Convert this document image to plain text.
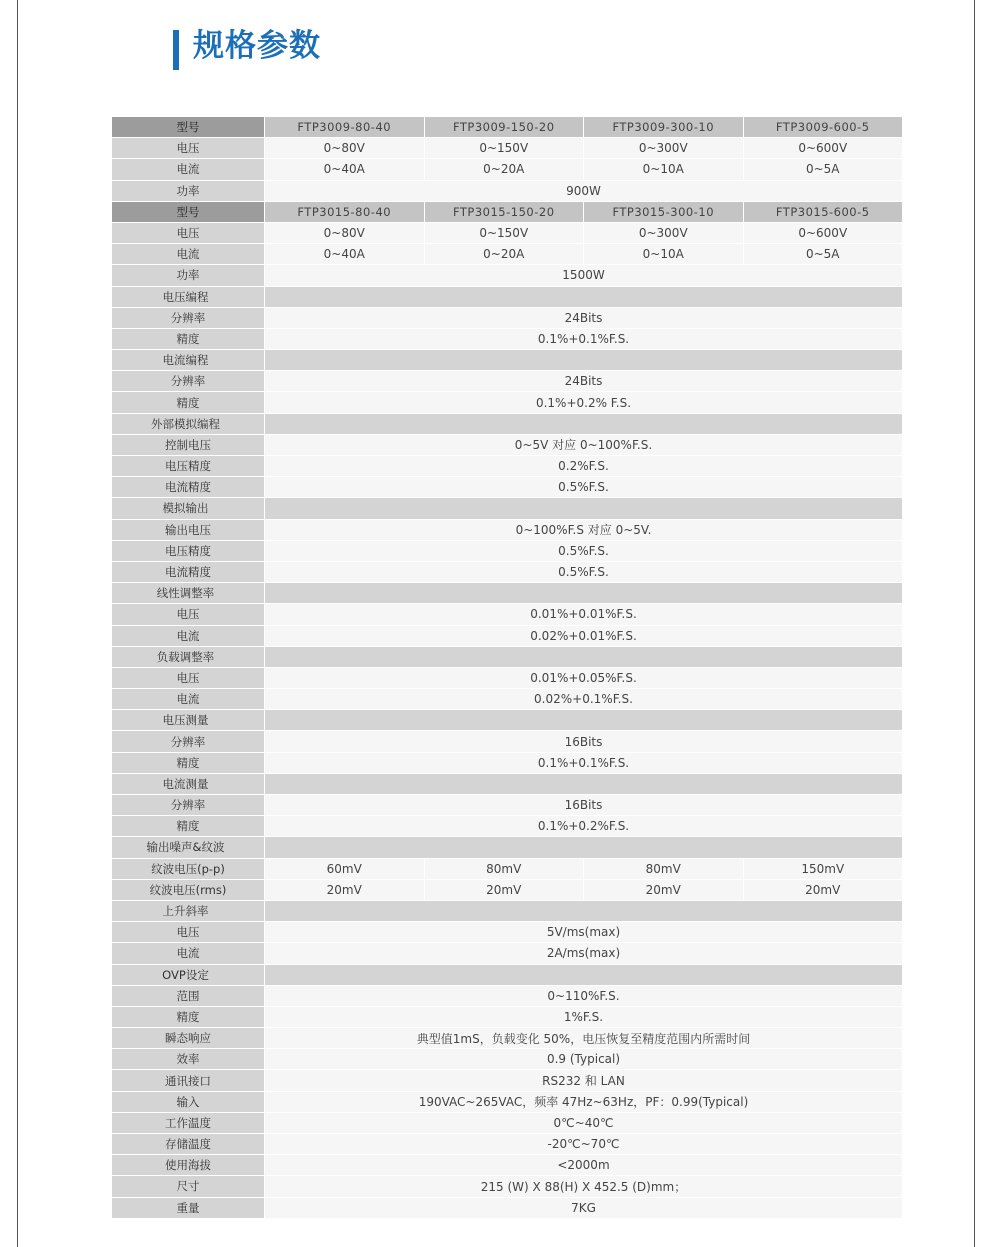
规格参数
型号	FTP3009-80-40	FTP3009-150-20	FTP3009-300-10	FTP3009-600-5
电压	0~80V	0~150V	0~300V	0~600V
电流	0~40A	0~20A	0~10A	0~5A
功率	900W
型号	FTP3015-80-40	FTP3015-150-20	FTP3015-300-10	FTP3015-600-5
电压	0~80V	0~150V	0~300V	0~600V
电流	0~40A	0~20A	0~10A	0~5A
功率	1500W
电压编程
分辨率	24Bits
精度	0.1%+0.1%F.S.
电流编程
分辨率	24Bits
精度	0.1%+0.2% F.S.
外部模拟编程
控制电压	0~5V 对应 0~100%F.S.
电压精度	0.2%F.S.
电流精度	0.5%F.S.
模拟输出
输出电压	0~100%F.S 对应 0~5V.
电压精度	0.5%F.S.
电流精度	0.5%F.S.
线性调整率
电压	0.01%+0.01%F.S.
电流	0.02%+0.01%F.S.
负载调整率
电压	0.01%+0.05%F.S.
电流	0.02%+0.1%F.S.
电压测量
分辨率	16Bits
精度	0.1%+0.1%F.S.
电流测量
分辨率	16Bits
精度	0.1%+0.2%F.S.
输出噪声&纹波
纹波电压(p-p)	60mV	80mV	80mV	150mV
纹波电压(rms)	20mV	20mV	20mV	20mV
上升斜率
电压	5V/ms(max)
电流	2A/ms(max)
OVP设定
范围	0~110%F.S.
精度	1%F.S.
瞬态响应	典型值1mS，负载变化 50%，电压恢复至精度范围内所需时间
效率	0.9 (Typical)
通讯接口	RS232 和 LAN
输入	190VAC~265VAC，频率 47Hz~63Hz，PF：0.99(Typical)
工作温度	0℃~40℃
存储温度	-20℃~70℃
使用海拔	<2000m
尺寸	215 (W) X 88(H) X 452.5 (D)mm；
重量	7KG
